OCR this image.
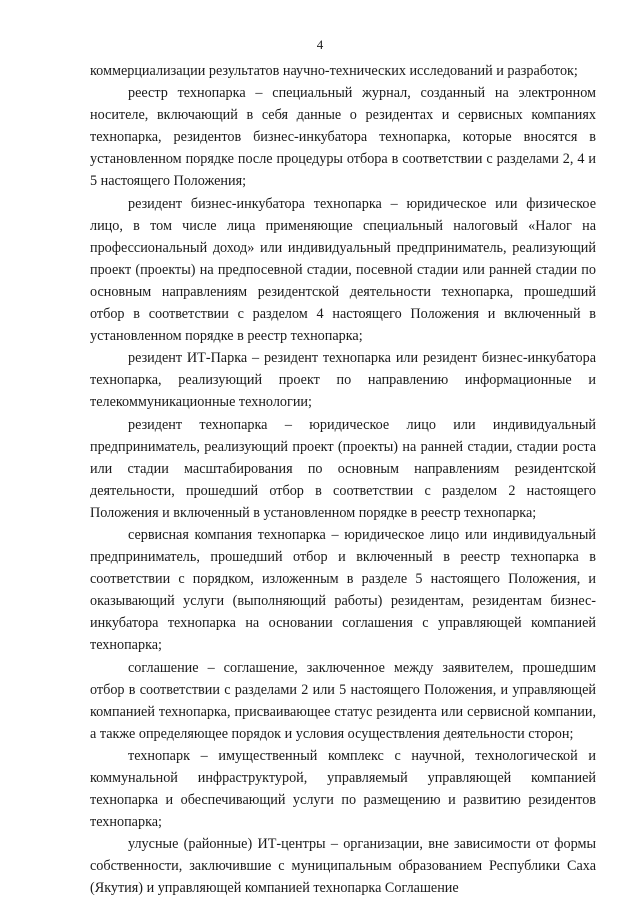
4

коммерциализации результатов научно-технических исследований и разработок;

реестр технопарка – специальный журнал, созданный на электронном носителе, включающий в себя данные о резидентах и сервисных компаниях технопарка, резидентов бизнес-инкубатора технопарка, которые вносятся в установленном порядке после процедуры отбора в соответствии с разделами 2, 4 и 5 настоящего Положения;

резидент бизнес-инкубатора технопарка – юридическое или физическое лицо, в том числе лица применяющие специальный налоговый «Налог на профессиональный доход» или индивидуальный предприниматель, реализующий проект (проекты) на предпосевной стадии, посевной стадии или ранней стадии по основным направлениям резидентской деятельности технопарка, прошедший отбор в соответствии с разделом 4 настоящего Положения и включенный в установленном порядке в реестр технопарка;

резидент ИТ-Парка – резидент технопарка или резидент бизнес-инкубатора технопарка, реализующий проект по направлению информационные и телекоммуникационные технологии;

резидент технопарка – юридическое лицо или индивидуальный предприниматель, реализующий проект (проекты) на ранней стадии, стадии роста или стадии масштабирования по основным направлениям резидентской деятельности, прошедший отбор в соответствии с разделом 2 настоящего Положения и включенный в установленном порядке в реестр технопарка;

сервисная компания технопарка – юридическое лицо или индивидуальный предприниматель, прошедший отбор и включенный в реестр технопарка в соответствии с порядком, изложенным в разделе 5 настоящего Положения, и оказывающий услуги (выполняющий работы) резидентам, резидентам бизнес-инкубатора технопарка на основании соглашения с управляющей компанией технопарка;

соглашение – соглашение, заключенное между заявителем, прошедшим отбор в соответствии с разделами 2 или 5 настоящего Положения, и управляющей компанией технопарка, присваивающее статус резидента или сервисной компании, а также определяющее порядок и условия осуществления деятельности сторон;

технопарк – имущественный комплекс с научной, технологической и коммунальной инфраструктурой, управляемый управляющей компанией технопарка и обеспечивающий услуги по размещению и развитию резидентов технопарка;

улусные (районные) ИТ-центры – организации, вне зависимости от формы собственности, заключившие с муниципальным образованием Республики Саха (Якутия) и управляющей компанией технопарка Соглашение
